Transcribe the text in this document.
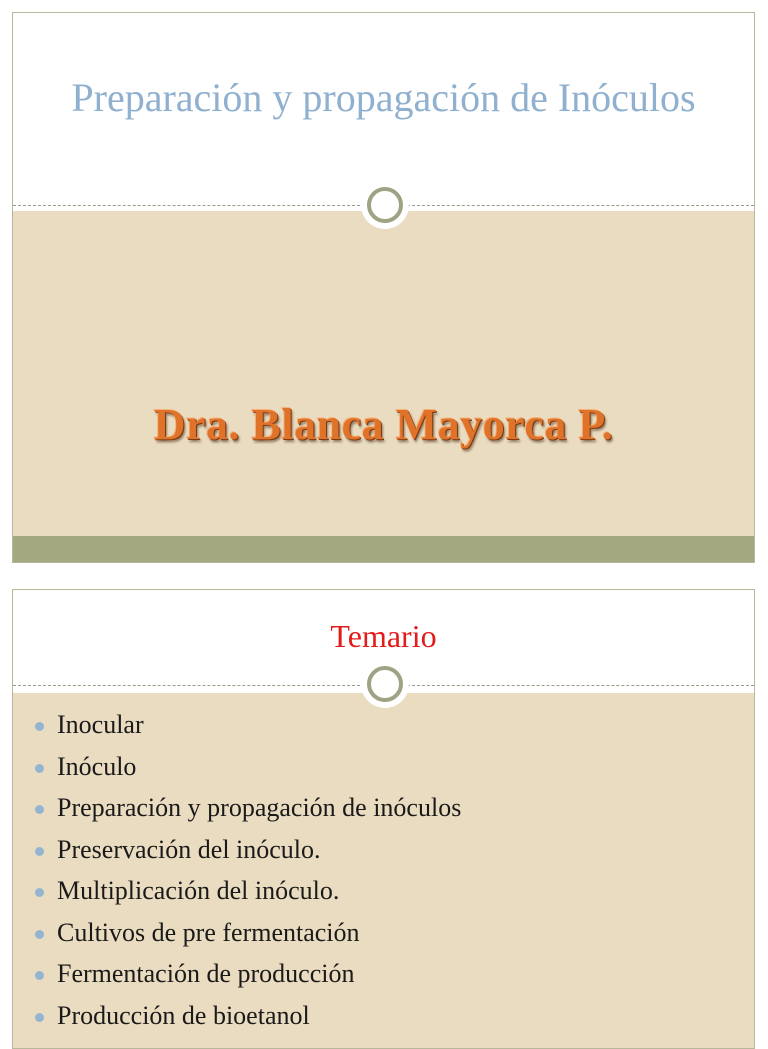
Preparación y propagación de Inóculos
Dra. Blanca Mayorca P.
Temario
Inocular
Inóculo
Preparación y propagación de inóculos
Preservación del inóculo.
Multiplicación del inóculo.
Cultivos de pre fermentación
Fermentación de producción
Producción de bioetanol
